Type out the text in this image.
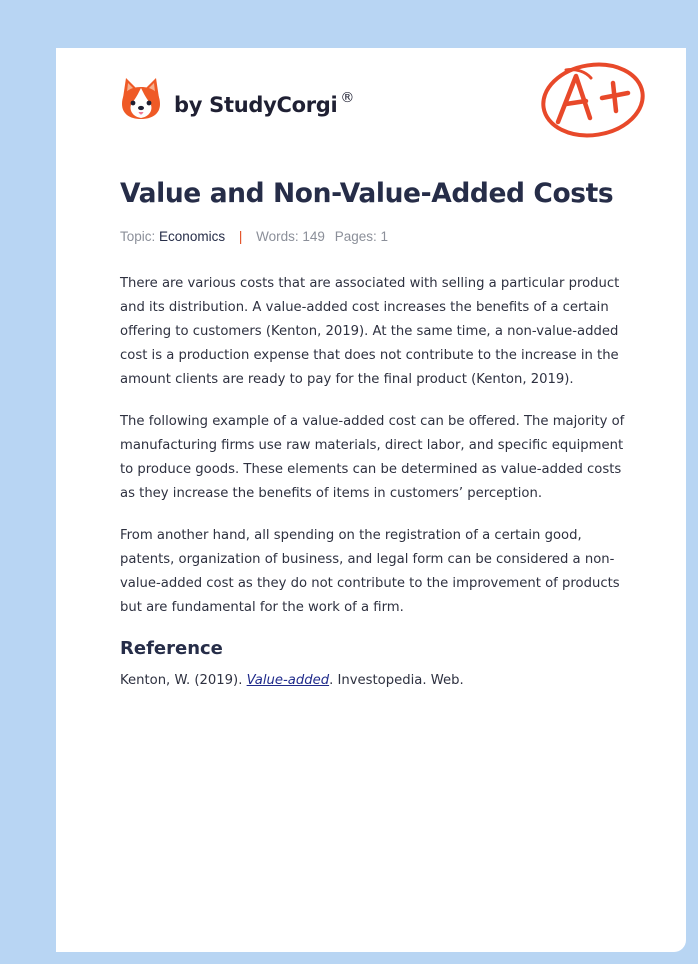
by StudyCorgi ®
Value and Non-Value-Added Costs
Topic: Economics | Words: 149 Pages: 1

There are various costs that are associated with selling a particular product and its distribution. A value-added cost increases the benefits of a certain offering to customers (Kenton, 2019). At the same time, a non-value-added cost is a production expense that does not contribute to the increase in the amount clients are ready to pay for the final product (Kenton, 2019).

The following example of a value-added cost can be offered. The majority of manufacturing firms use raw materials, direct labor, and specific equipment to produce goods. These elements can be determined as value-added costs as they increase the benefits of items in customers’ perception.

From another hand, all spending on the registration of a certain good, patents, organization of business, and legal form can be considered a non-value-added cost as they do not contribute to the improvement of products but are fundamental for the work of a firm.

Reference
Kenton, W. (2019). Value-added. Investopedia. Web.
